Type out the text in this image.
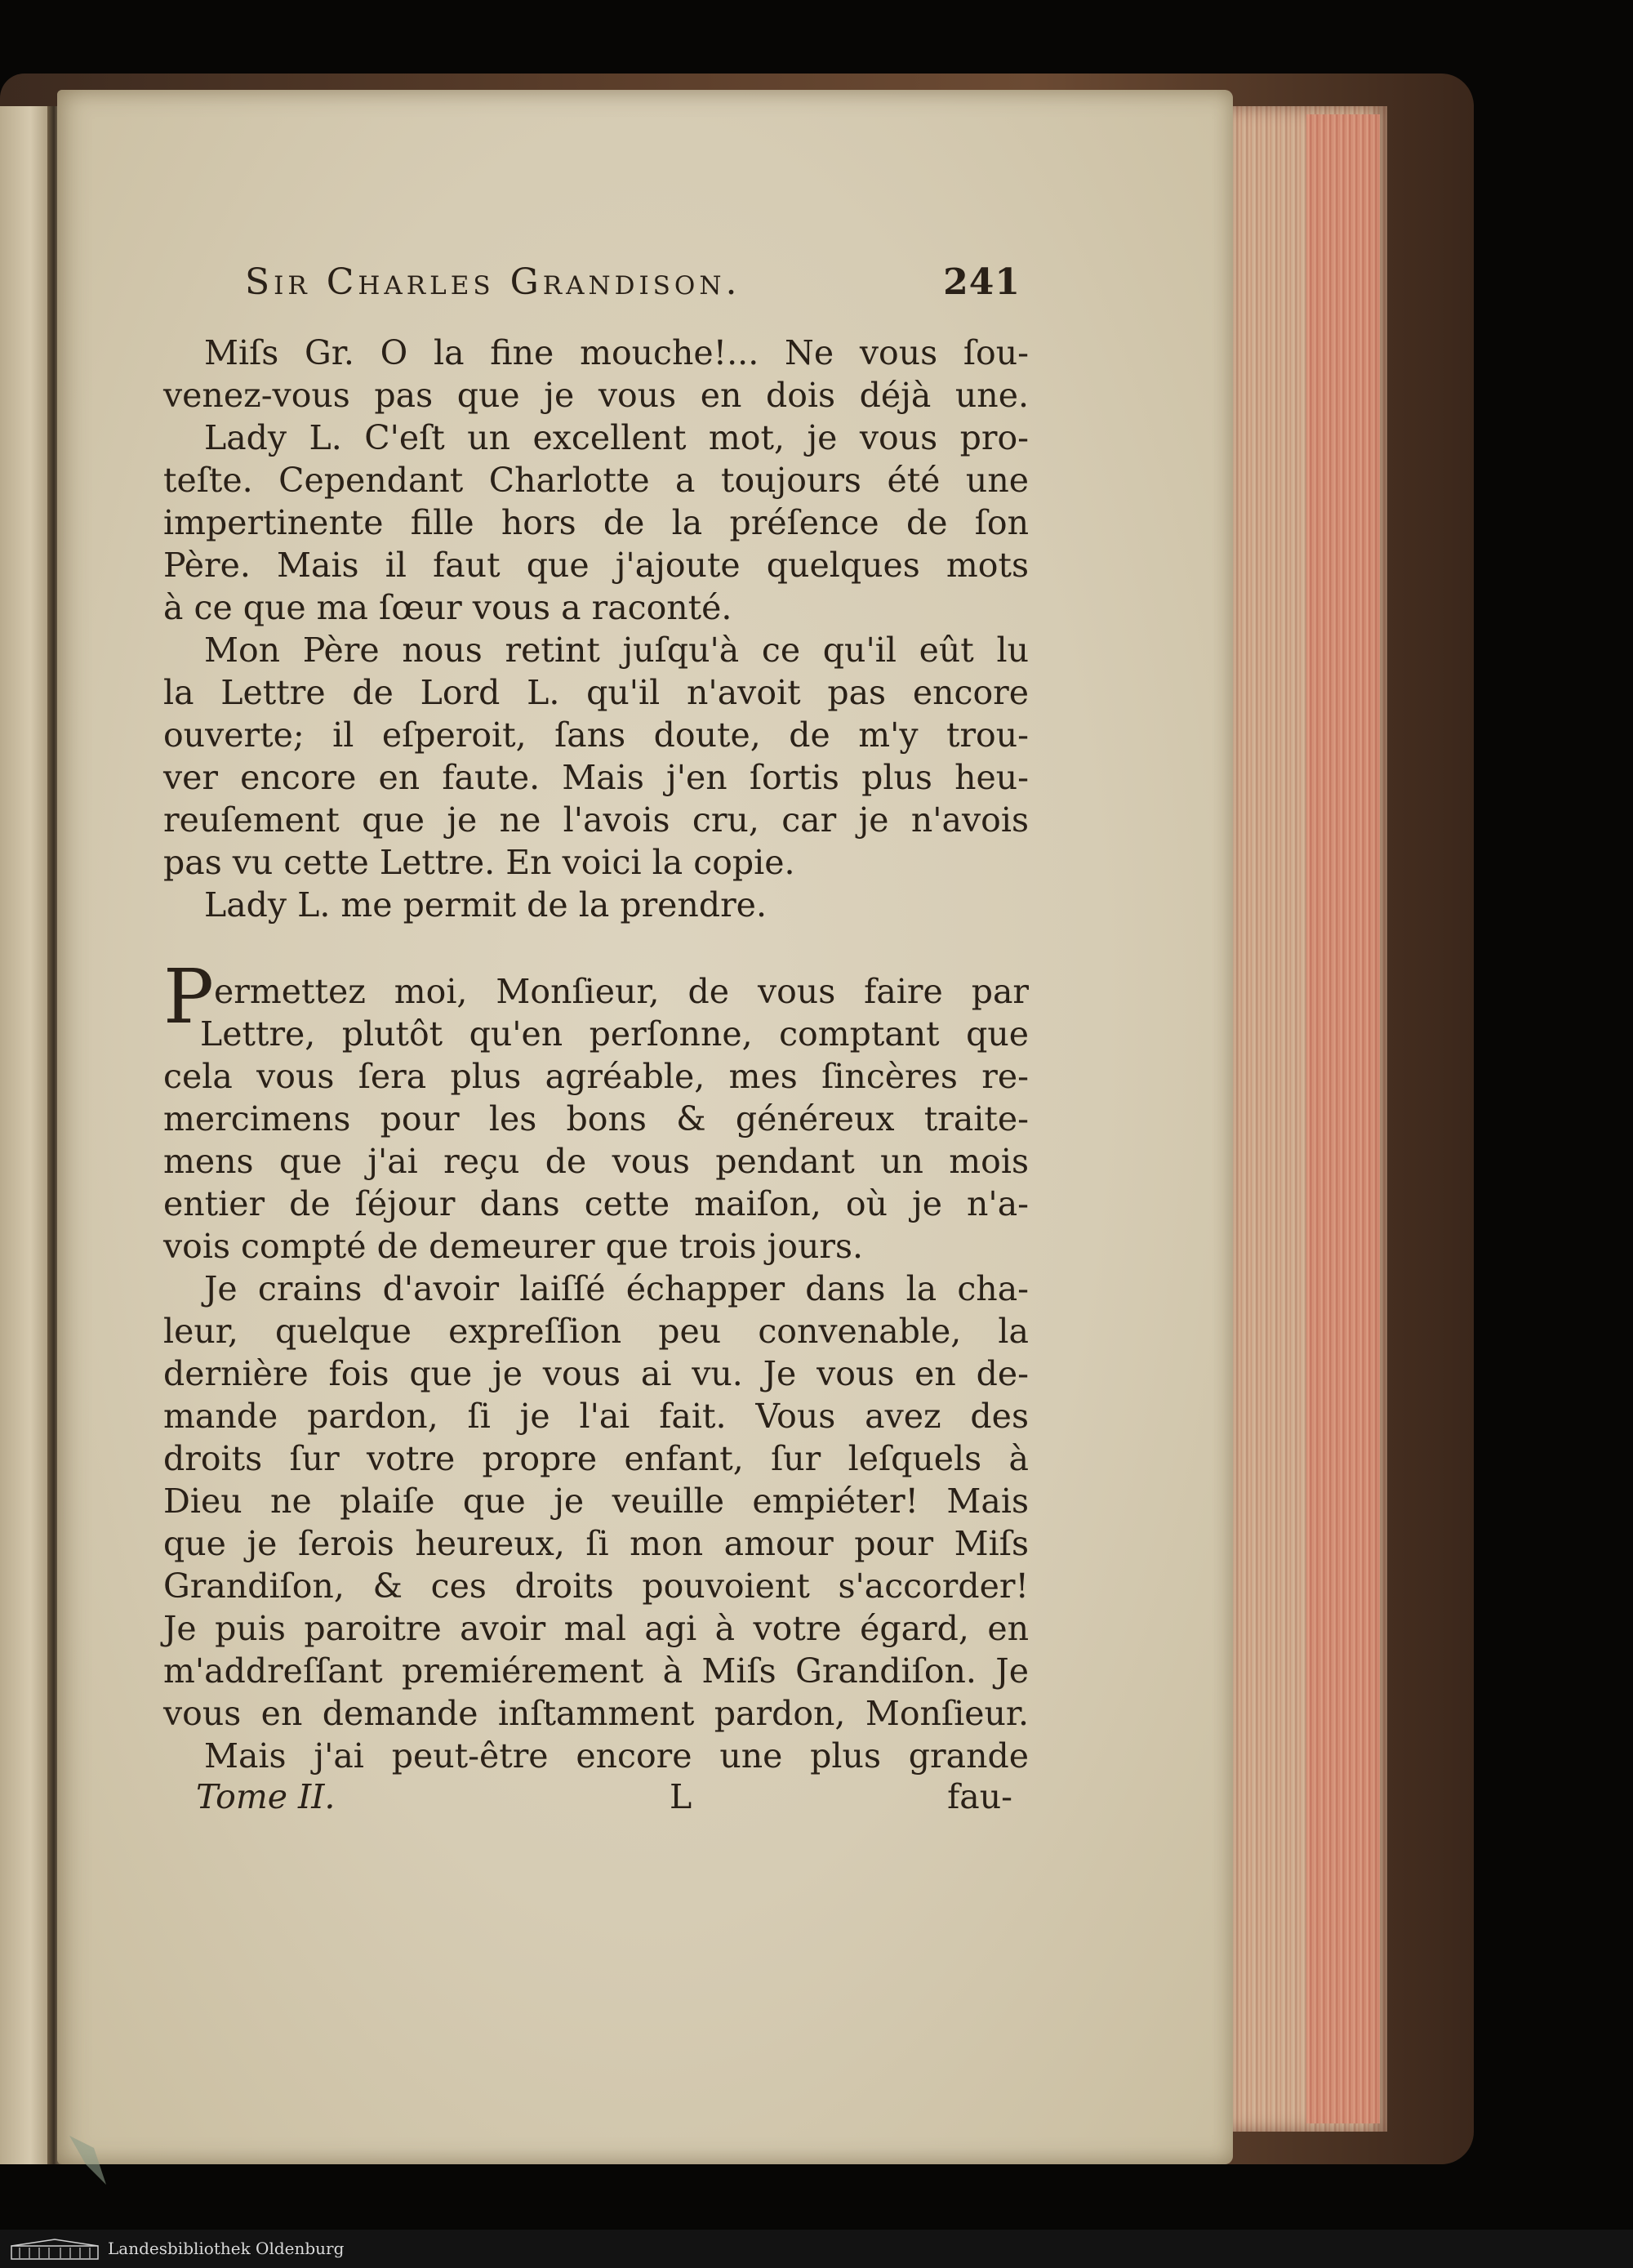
Sir Charles Grandison.	241
Miſs Gr. O la fine mouche!... Ne vous ſou-
venez-vous pas que je vous en dois déjà une.
Lady L. C'eſt un excellent mot, je vous pro-
teſte. Cependant Charlotte a toujours été une
impertinente fille hors de la préſence de ſon
Père. Mais il faut que j'ajoute quelques mots
à ce que ma ſœur vous a raconté.
Mon Père nous retint juſqu'à ce qu'il eût lu
la Lettre de Lord L. qu'il n'avoit pas encore
ouverte; il eſperoit, ſans doute, de m'y trou-
ver encore en faute. Mais j'en ſortis plus heu-
reuſement que je ne l'avois cru, car je n'avois
pas vu cette Lettre. En voici la copie.
Lady L. me permit de la prendre.
P ermettez moi, Monſieur, de vous faire par
Lettre, plutôt qu'en perſonne, comptant que
cela vous ſera plus agréable, mes ſincères re-
mercimens pour les bons & généreux traite-
mens que j'ai reçu de vous pendant un mois
entier de ſéjour dans cette maiſon, où je n'a-
vois compté de demeurer que trois jours.
Je crains d'avoir laiſſé échapper dans la cha-
leur, quelque expreſſion peu convenable, la
dernière fois que je vous ai vu. Je vous en de-
mande pardon, ſi je l'ai fait. Vous avez des
droits ſur votre propre enfant, ſur leſquels à
Dieu ne plaiſe que je veuille empiéter! Mais
que je ſerois heureux, ſi mon amour pour Miſs
Grandiſon, & ces droits pouvoient s'accorder!
Je puis paroitre avoir mal agi à votre égard, en
m'addreſſant premiérement à Miſs Grandiſon. Je
vous en demande inſtamment pardon, Monſieur.
Mais j'ai peut-être encore une plus grande
Tome II.	L	fau-
Landesbibliothek Oldenburg
